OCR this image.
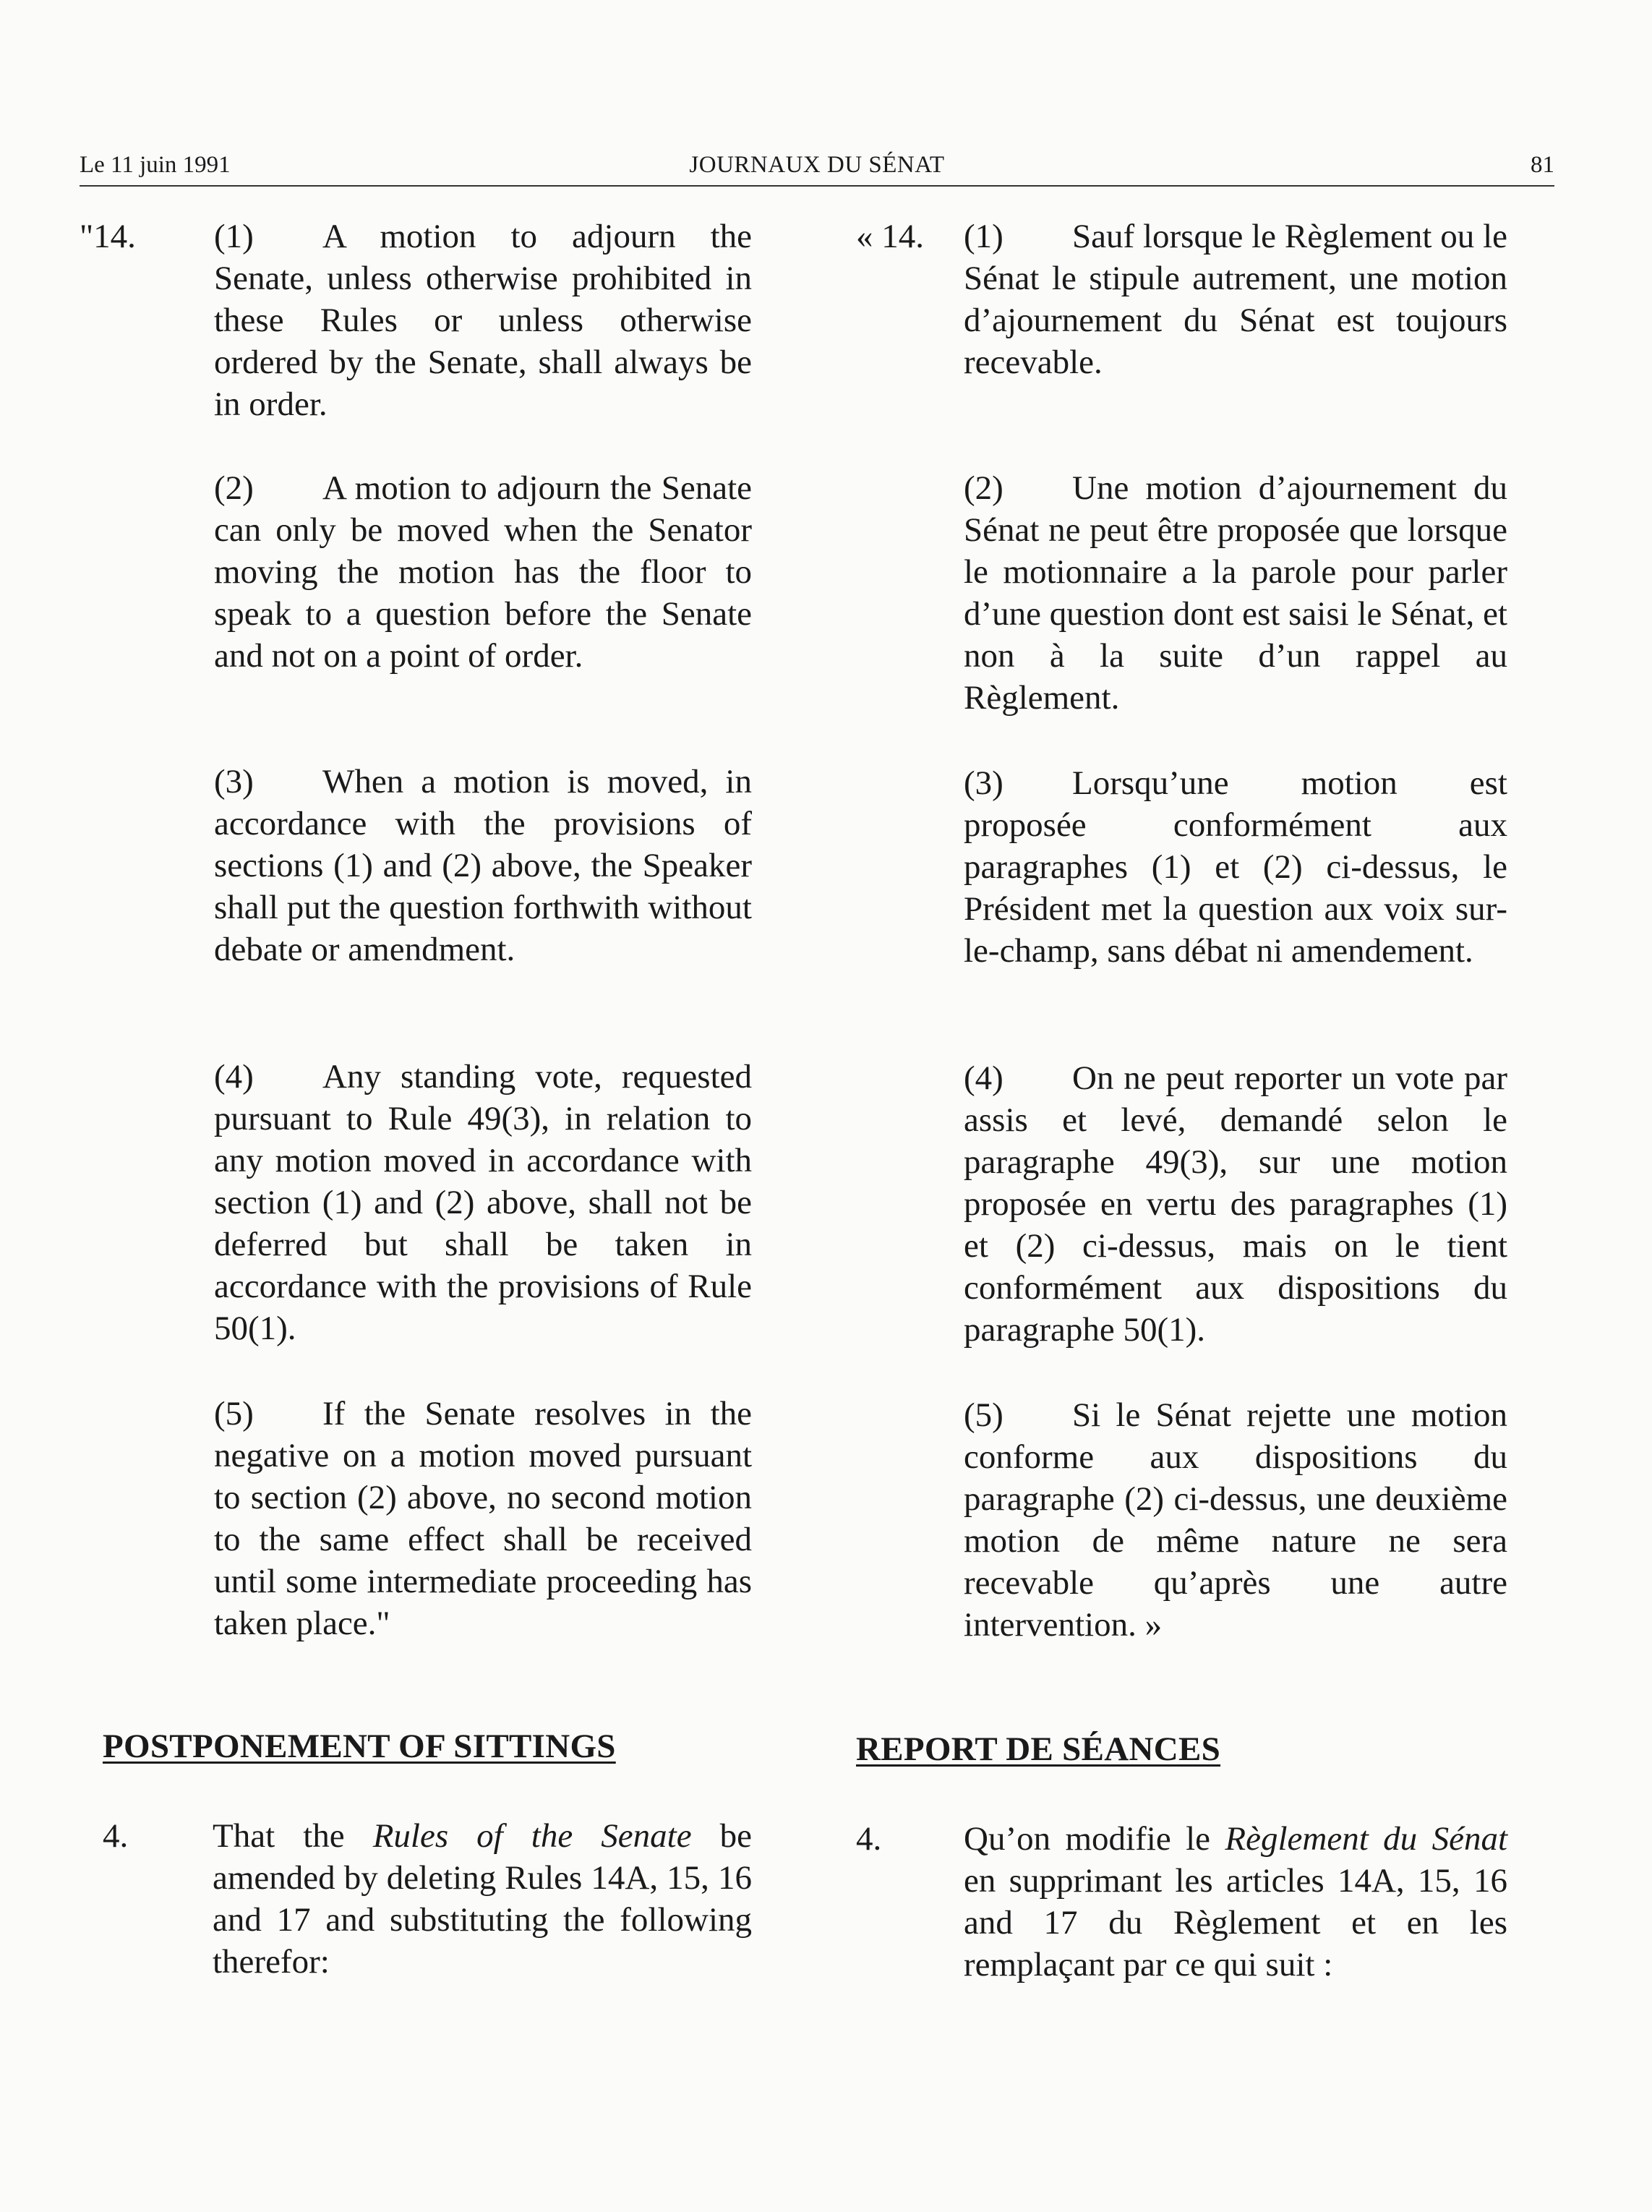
Le 11 juin 1991	JOURNAUX DU SÉNAT	81
"14. (1) A motion to adjourn the Senate, unless otherwise prohibited in these Rules or unless otherwise ordered by the Senate, shall always be in order.
(2) A motion to adjourn the Senate can only be moved when the Senator moving the motion has the floor to speak to a question before the Senate and not on a point of order.
(3) When a motion is moved, in accordance with the provisions of sections (1) and (2) above, the Speaker shall put the question forthwith without debate or amendment.
(4) Any standing vote, requested pursuant to Rule 49(3), in relation to any motion moved in accordance with section (1) and (2) above, shall not be deferred but shall be taken in accordance with the provisions of Rule 50(1).
(5) If the Senate resolves in the negative on a motion moved pursuant to section (2) above, no second motion to the same effect shall be received until some intermediate proceeding has taken place."
POSTPONEMENT OF SITTINGS
4. That the Rules of the Senate be amended by deleting Rules 14A, 15, 16 and 17 and substituting the following therefor:
« 14. (1) Sauf lorsque le Règlement ou le Sénat le stipule autrement, une motion d’ajournement du Sénat est toujours recevable.
(2) Une motion d’ajournement du Sénat ne peut être proposée que lorsque le motionnaire a la parole pour parler d’une question dont est saisi le Sénat, et non à la suite d’un rappel au Règlement.
(3) Lorsqu’une motion est proposée conformément aux paragraphes (1) et (2) ci-dessus, le Président met la question aux voix sur-le-champ, sans débat ni amendement.
(4) On ne peut reporter un vote par assis et levé, demandé selon le paragraphe 49(3), sur une motion proposée en vertu des paragraphes (1) et (2) ci-dessus, mais on le tient conformément aux dispositions du paragraphe 50(1).
(5) Si le Sénat rejette une motion conforme aux dispositions du paragraphe (2) ci-dessus, une deuxième motion de même nature ne sera recevable qu’après une autre intervention. »
REPORT DE SÉANCES
4. Qu’on modifie le Règlement du Sénat en supprimant les articles 14A, 15, 16 and 17 du Règlement et en les remplaçant par ce qui suit :
